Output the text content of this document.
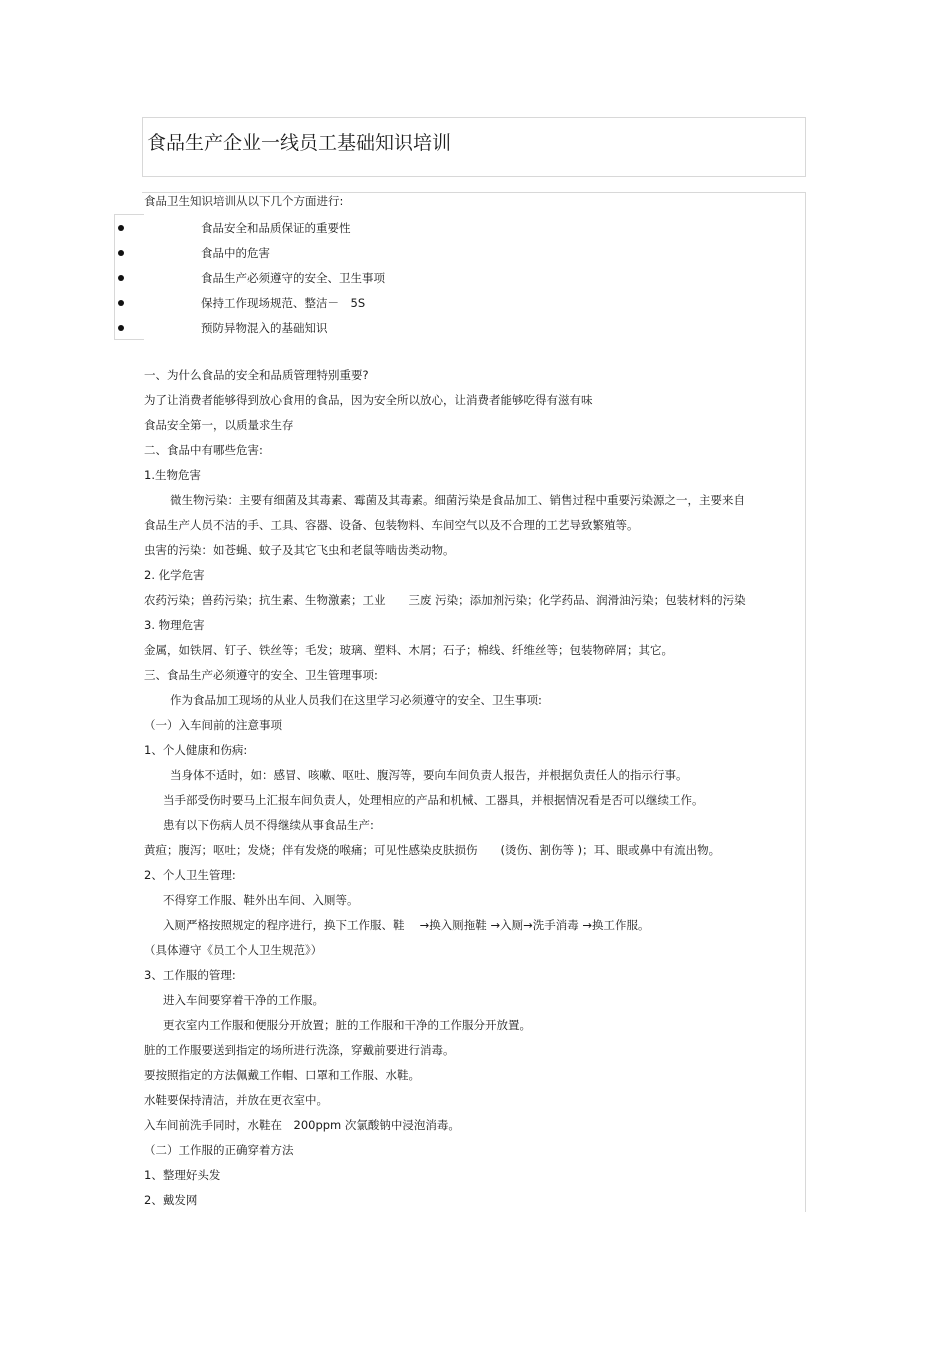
食品生产企业一线员工基础知识培训
食品卫生知识培训从以下几个方面进行:
食品安全和品质保证的重要性
食品中的危害
食品生产必须遵守的安全、卫生事项
保持工作现场规范、整洁－　5S
预防异物混入的基础知识
一、为什么食品的安全和品质管理特别重要?
为了让消费者能够得到放心食用的食品，因为安全所以放心，让消费者能够吃得有滋有味
食品安全第一，以质量求生存
二、食品中有哪些危害:
1.生物危害
微生物污染：主要有细菌及其毒素、霉菌及其毒素。细菌污染是食品加工、销售过程中重要污染源之一，主要来自
食品生产人员不洁的手、工具、容器、设备、包装物料、车间空气以及不合理的工艺导致繁殖等。
虫害的污染：如苍蝇、蚊子及其它飞虫和老鼠等啮齿类动物。
2. 化学危害
农药污染；兽药污染；抗生素、生物激素；工业　　三废 污染；添加剂污染；化学药品、润滑油污染；包装材料的污染
3. 物理危害
金属，如铁屑、钉子、铁丝等；毛发；玻璃、塑料、木屑；石子；棉线、纤维丝等；包装物碎屑；其它。
三、食品生产必须遵守的安全、卫生管理事项:
作为食品加工现场的从业人员我们在这里学习必须遵守的安全、卫生事项:
（一）入车间前的注意事项
1、个人健康和伤病:
当身体不适时，如：感冒、咳嗽、呕吐、腹泻等，要向车间负责人报告，并根据负责任人的指示行事。
当手部受伤时要马上汇报车间负责人，处理相应的产品和机械、工器具，并根据情况看是否可以继续工作。
患有以下伤病人员不得继续从事食品生产:
黄疸；腹泻；呕吐；发烧；伴有发烧的喉痛；可见性感染皮肤损伤　　(烫伤、割伤等 )；耳、眼或鼻中有流出物。
2、个人卫生管理:
不得穿工作服、鞋外出车间、入厕等。
入厕严格按照规定的程序进行，换下工作服、鞋　 →换入厕拖鞋 →入厕→洗手消毒 →换工作服。
（具体遵守《员工个人卫生规范》）
3、工作服的管理:
进入车间要穿着干净的工作服。
更衣室内工作服和便服分开放置；脏的工作服和干净的工作服分开放置。
脏的工作服要送到指定的场所进行洗涤，穿戴前要进行消毒。
要按照指定的方法佩戴工作帽、口罩和工作服、水鞋。
水鞋要保持清洁，并放在更衣室中。
入车间前洗手同时，水鞋在　200ppm 次氯酸钠中浸泡消毒。
（二）工作服的正确穿着方法
1、整理好头发
2、戴发网
